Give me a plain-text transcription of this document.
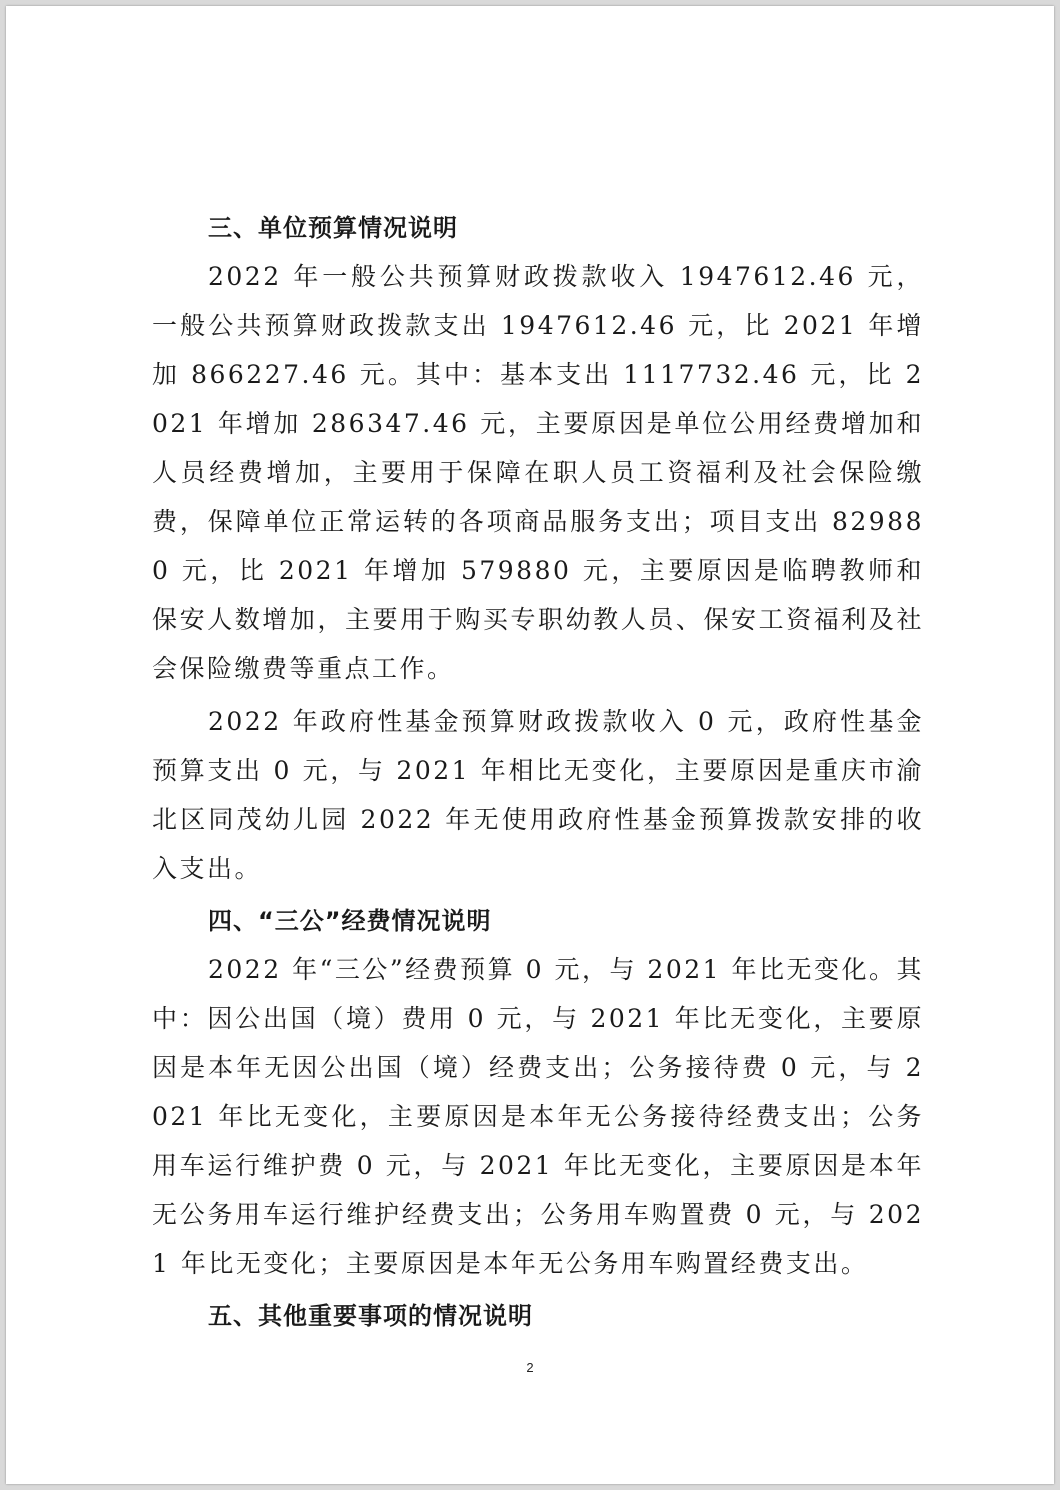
三、单位预算情况说明

2022 年一般公共预算财政拨款收入 1947612.46 元，一般公共预算财政拨款支出 1947612.46 元，比 2021 年增加 866227.46 元。其中：基本支出 1117732.46 元，比 2021 年增加 286347.46 元，主要原因是单位公用经费增加和人员经费增加，主要用于保障在职人员工资福利及社会保险缴费，保障单位正常运转的各项商品服务支出；项目支出 829880 元，比 2021 年增加 579880 元，主要原因是临聘教师和保安人数增加，主要用于购买专职幼教人员、保安工资福利及社会保险缴费等重点工作。

2022 年政府性基金预算财政拨款收入 0 元，政府性基金预算支出 0 元，与 2021 年相比无变化，主要原因是重庆市渝北区同茂幼儿园 2022 年无使用政府性基金预算拨款安排的收入支出。

四、“三公”经费情况说明

2022 年“三公”经费预算 0 元，与 2021 年比无变化。其中：因公出国（境）费用 0 元，与 2021 年比无变化，主要原因是本年无因公出国（境）经费支出；公务接待费 0 元，与 2021 年比无变化，主要原因是本年无公务接待经费支出；公务用车运行维护费 0 元，与 2021 年比无变化，主要原因是本年无公务用车运行维护经费支出；公务用车购置费 0 元，与 2021 年比无变化；主要原因是本年无公务用车购置经费支出。

五、其他重要事项的情况说明
2
